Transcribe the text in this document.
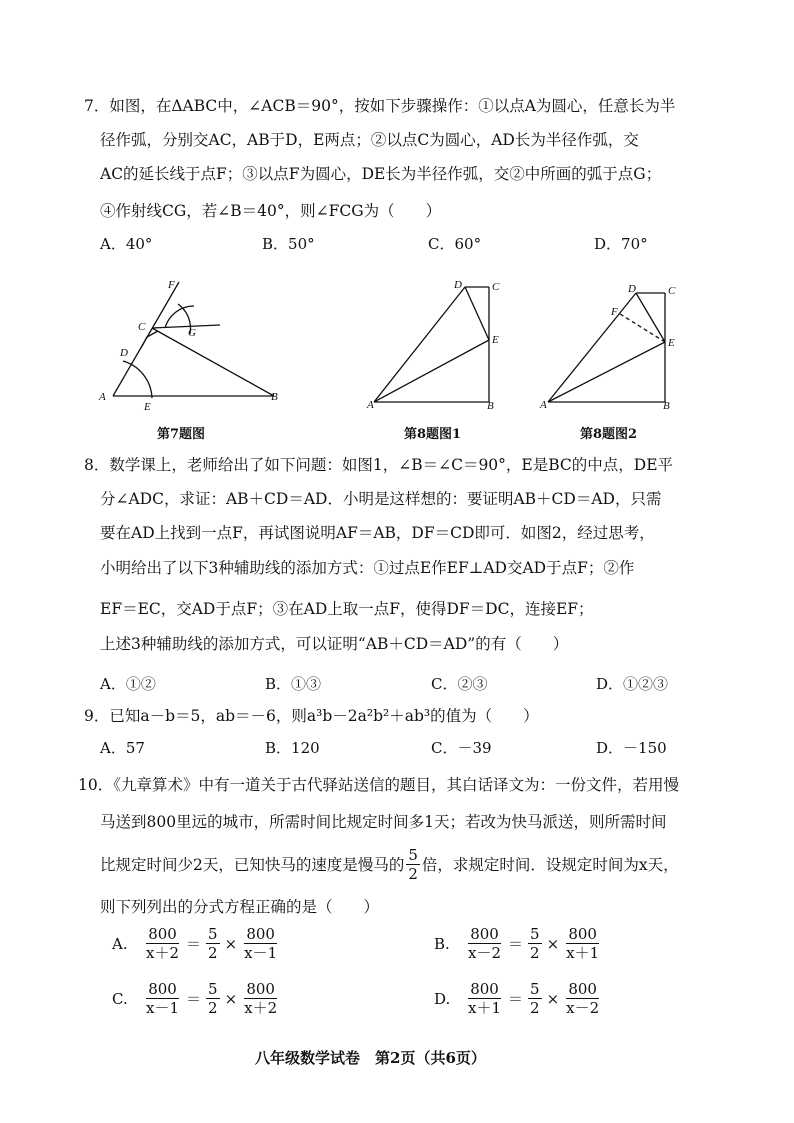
7．如图，在ΔABC中，∠ACB＝90°，按如下步骤操作：①以点A为圆心，任意长为半
径作弧，分别交AC，AB于D，E两点；②以点C为圆心，AD长为半径作弧，交
AC的延长线于点F；③以点F为圆心，DE长为半径作弧，交②中所画的弧于点G；
④作射线CG，若∠B＝40°，则∠FCG为（　　）
A．40°	B．50°	C．60°	D．70°
F
C	G
D
A
E
B
第7题图
D	C
E
A	B
第8题图1
D	C
F
E
A	B
第8题图2
8．数学课上，老师给出了如下问题：如图1，∠B＝∠C＝90°，E是BC的中点，DE平
分∠ADC，求证：AB＋CD＝AD．小明是这样想的：要证明AB＋CD＝AD，只需
要在AD上找到一点F，再试图说明AF＝AB，DF＝CD即可．如图2，经过思考，
小明给出了以下3种辅助线的添加方式：①过点E作EF⊥AD交AD于点F；②作
EF＝EC，交AD于点F；③在AD上取一点F，使得DF＝DC，连接EF；
上述3种辅助线的添加方式，可以证明“AB＋CD＝AD”的有（　　）
A．①②	B．①③	C．②③	D．①②③
9．已知a－b＝5，ab＝－6，则a³b－2a²b²＋ab³的值为（　　）
A．57	B．120	C．－39	D．－150
10．《九章算术》中有一道关于古代驿站送信的题目，其白话译文为：一份文件，若用慢
马送到800里远的城市，所需时间比规定时间多1天；若改为快马派送，则所需时间
比规定时间少2天，已知快马的速度是慢马的 $\frac{5}{2}$ 倍，求规定时间．设规定时间为x天，
则下列列出的分式方程正确的是（　　）
A.	$\frac{800}{x+2} = \frac{5}{2} \times \frac{800}{x-1}$	B.	$\frac{800}{x-2} = \frac{5}{2} \times \frac{800}{x+1}$
C.	$\frac{800}{x-1} = \frac{5}{2} \times \frac{800}{x+2}$	D.	$\frac{800}{x+1} = \frac{5}{2} \times \frac{800}{x-2}$
八年级数学试卷　第2页（共6页）
